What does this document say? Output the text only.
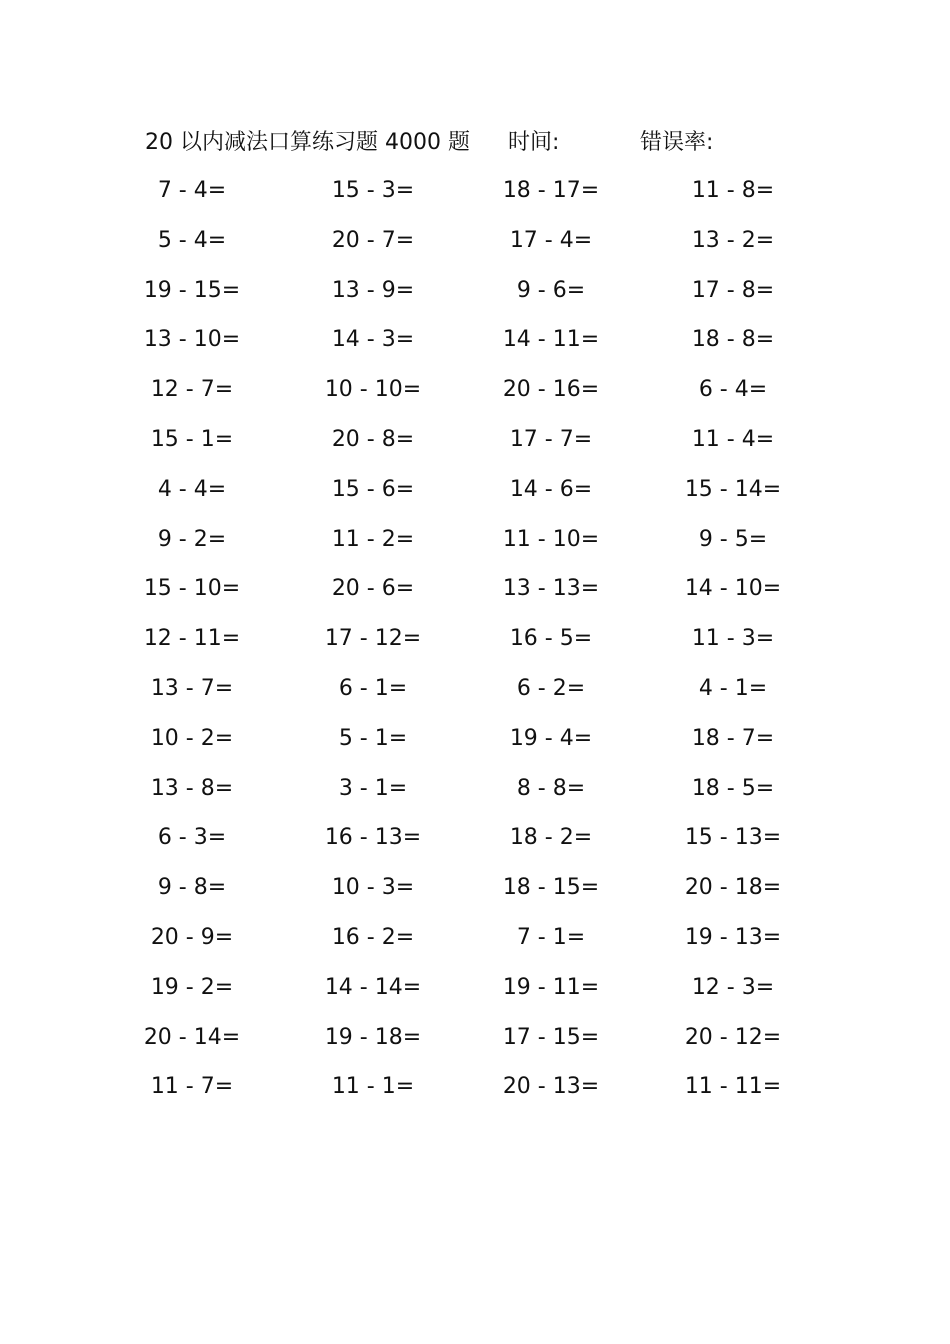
20 以内减法口算练习题 4000 题 时间:	错误率:
7 - 4=	15 - 3=	18 - 17=	11 - 8=
5 - 4=	20 - 7=	17 - 4=	13 - 2=
19 - 15=	13 - 9=	9 - 6=	17 - 8=
13 - 10=	14 - 3=	14 - 11=	18 - 8=
12 - 7=	10 - 10=	20 - 16=	6 - 4=
15 - 1=	20 - 8=	17 - 7=	11 - 4=
4 - 4=	15 - 6=	14 - 6=	15 - 14=
9 - 2=	11 - 2=	11 - 10=	9 - 5=
15 - 10=	20 - 6=	13 - 13=	14 - 10=
12 - 11=	17 - 12=	16 - 5=	11 - 3=
13 - 7=	6 - 1=	6 - 2=	4 - 1=
10 - 2=	5 - 1=	19 - 4=	18 - 7=
13 - 8=	3 - 1=	8 - 8=	18 - 5=
6 - 3=	16 - 13=	18 - 2=	15 - 13=
9 - 8=	10 - 3=	18 - 15=	20 - 18=
20 - 9=	16 - 2=	7 - 1=	19 - 13=
19 - 2=	14 - 14=	19 - 11=	12 - 3=
20 - 14=	19 - 18=	17 - 15=	20 - 12=
11 - 7=	11 - 1=	20 - 13=	11 - 11=
